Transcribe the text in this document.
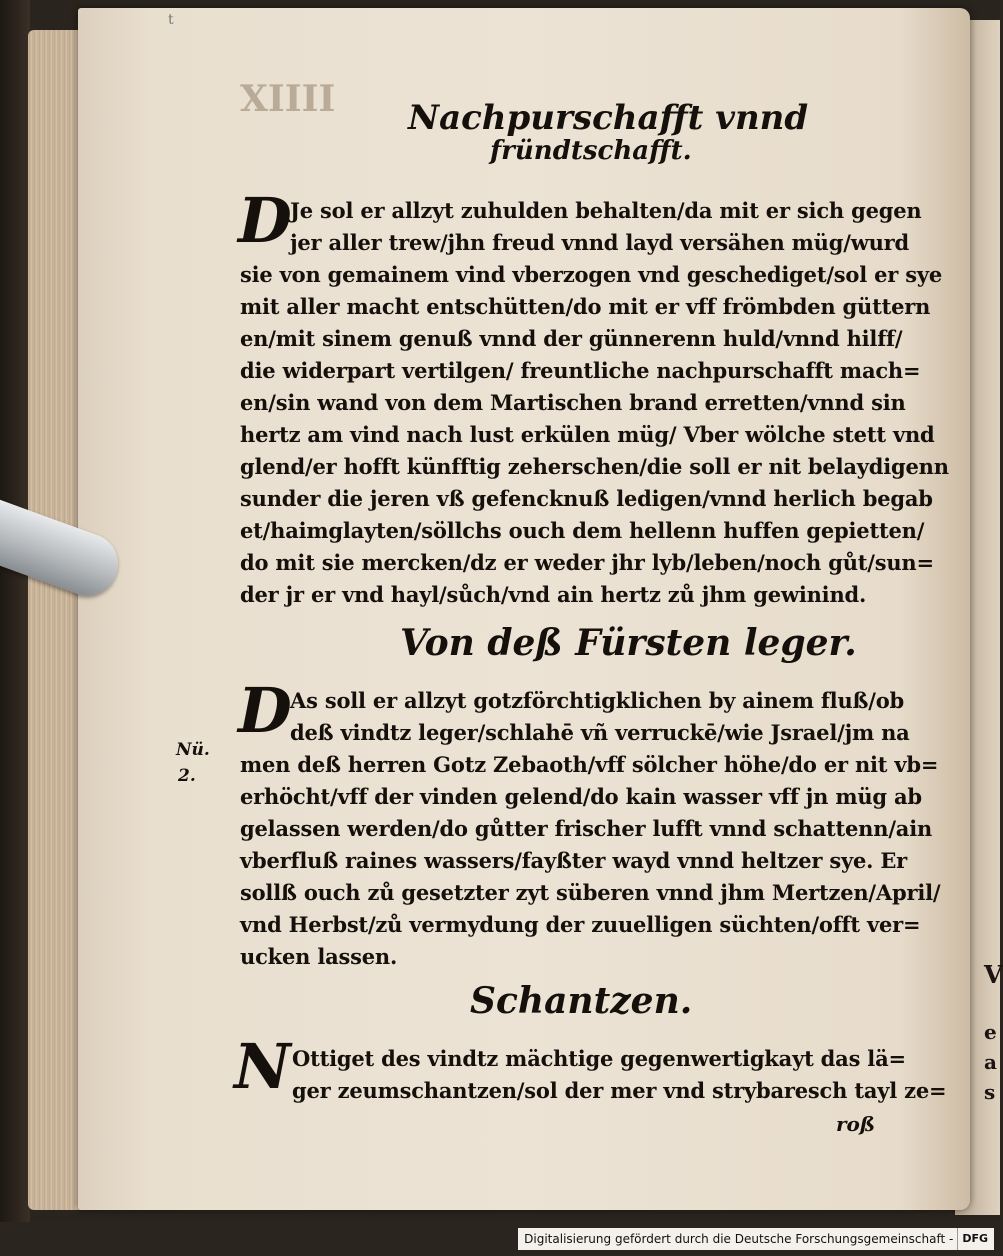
t
XIIII Nachpurschafft vnnd
fründtschafft.
D
Je sol er allzyt zuhulden behalten/da mit er sich gegen
jer aller trew/jhn freud vnnd layd versähen müg/wurd
sie von gemainem vind vberzogen vnd geschediget/sol er sye
mit aller macht entschütten/do mit er vff frömbden güttern
en/mit sinem genuß vnnd der günnerenn huld/vnnd hilff/
die widerpart vertilgen/ freuntliche nachpurschafft mach=
en/sin wand von dem Martischen brand erretten/vnnd sin
hertz am vind nach lust erkülen müg/ Vber wölche stett vnd
glend/er hofft künfftig zeherschen/die soll er nit belaydigenn
sunder die jeren vß gefencknuß ledigen/vnnd herlich begab
et/haimglayten/söllchs ouch dem hellenn huffen gepietten/
do mit sie mercken/dz er weder jhr lyb/leben/noch gůt/sun=
der jr er vnd hayl/sůch/vnd ain hertz zů jhm gewinind.
Von deß Fürsten leger.
D
Nü.
2.
As soll er allzyt gotzförchtigklichen by ainem fluß/ob
deß vindtz leger/schlahē vñ verruckē/wie Jsrael/jm na
men deß herren Gotz Zebaoth/vff sölcher höhe/do er nit vb=
erhöcht/vff der vinden gelend/do kain wasser vff jn müg ab
gelassen werden/do gůtter frischer lufft vnnd schattenn/ain
vberfluß raines wassers/fayßter wayd vnnd heltzer sye. Er
sollß ouch zů gesetzter zyt süberen vnnd jhm Mertzen/April/
vnd Herbst/zů vermydung der zuuelligen süchten/offt ver=
ucken lassen.
Schantzen.
N Ottiget des vindtz mächtige gegenwertigkayt das lä=
ger zeumschantzen/sol der mer vnd strybaresch tayl ze=
roß
V
e
a
s
Digitalisierung gefördert durch die Deutsche Forschungsgemeinschaft - DFG
